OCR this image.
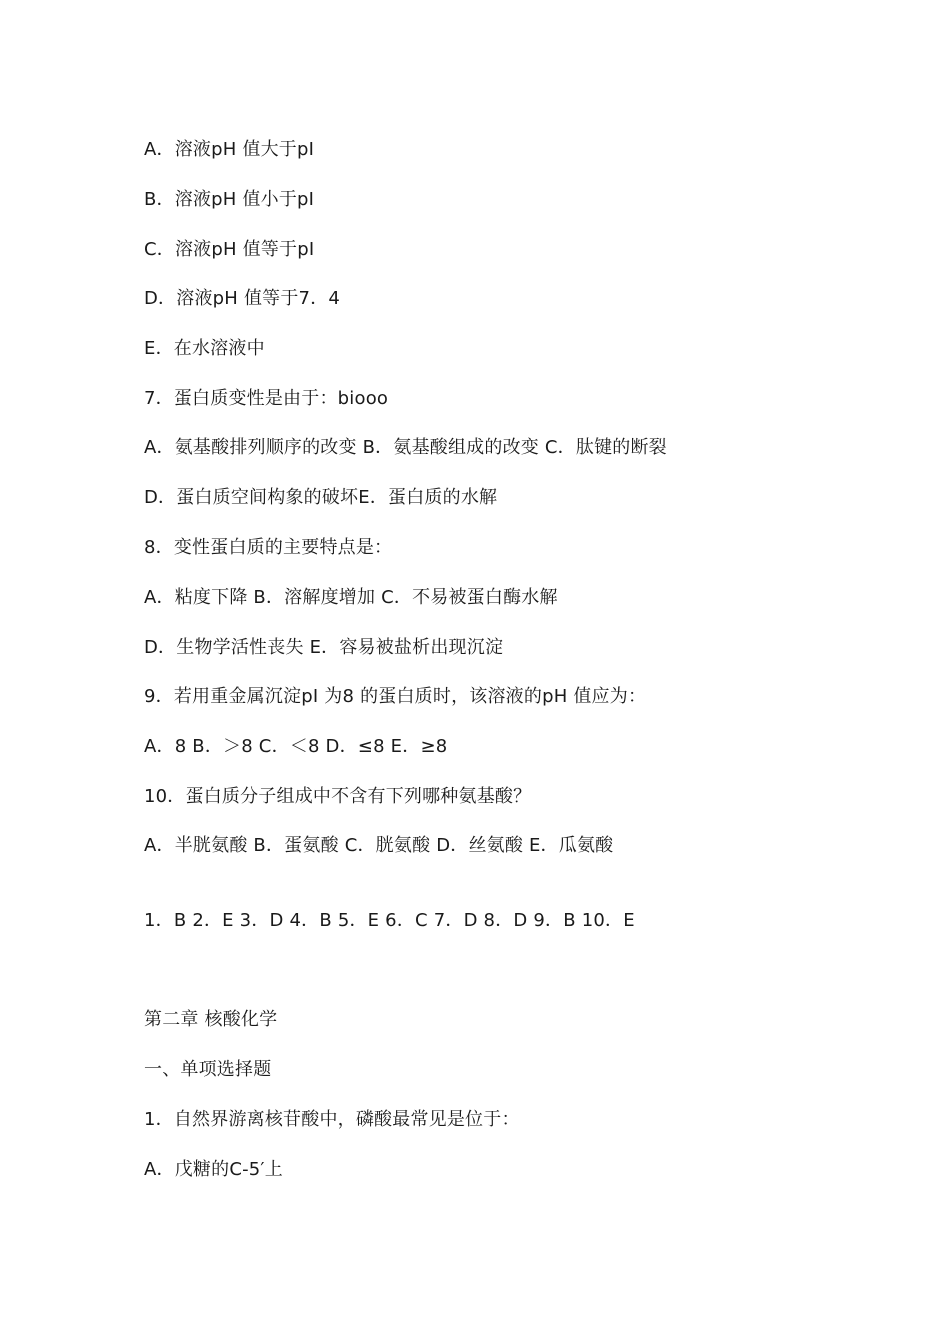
A．溶液pH 值大于pI
B．溶液pH 值小于pI
C．溶液pH 值等于pI
D．溶液pH 值等于7．4
E．在水溶液中
7．蛋白质变性是由于：biooo
A．氨基酸排列顺序的改变 B．氨基酸组成的改变 C．肽键的断裂
D．蛋白质空间构象的破坏E．蛋白质的水解
8．变性蛋白质的主要特点是：
A．粘度下降 B．溶解度增加 C．不易被蛋白酶水解
D．生物学活性丧失 E．容易被盐析出现沉淀
9．若用重金属沉淀pI 为8 的蛋白质时，该溶液的pH 值应为：
A．8 B．＞8 C．＜8 D．≤8 E．≥8
10．蛋白质分子组成中不含有下列哪种氨基酸？
A．半胱氨酸 B．蛋氨酸 C．胱氨酸 D．丝氨酸 E．瓜氨酸
1．B 2．E 3．D 4．B 5．E 6．C 7．D 8．D 9．B 10．E
第二章 核酸化学
一、单项选择题
1．自然界游离核苷酸中，磷酸最常见是位于：
A．戊糖的C-5′上
